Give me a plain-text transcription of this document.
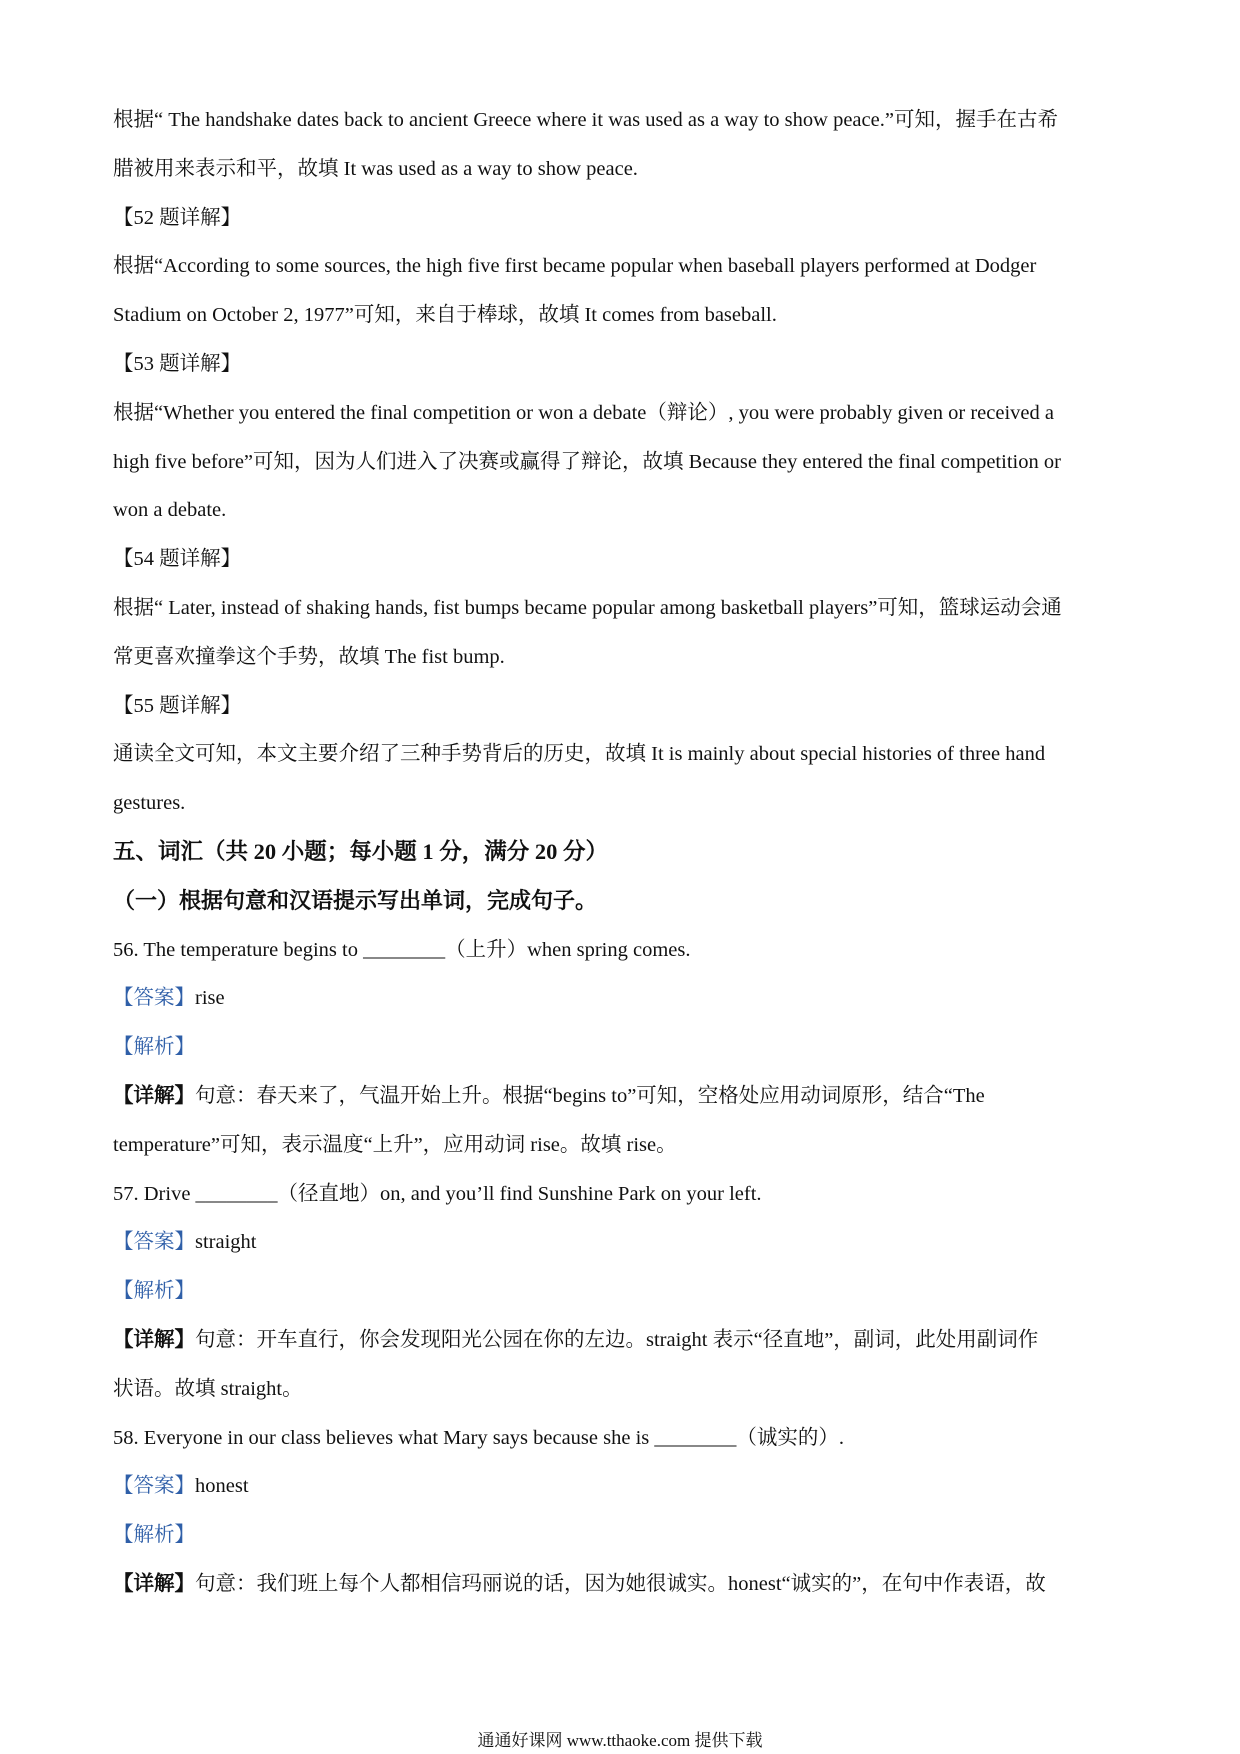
根据“ The handshake dates back to ancient Greece where it was used as a way to show peace.”可知，握手在古希
腊被用来表示和平，故填 It was used as a way to show peace.
【52 题详解】
根据“According to some sources, the high five first became popular when baseball players performed at Dodger
Stadium on October 2, 1977”可知，来自于棒球，故填 It comes from baseball.
【53 题详解】
根据“Whether you entered the final competition or won a debate（辩论）, you were probably given or received a
high five before”可知，因为人们进入了决赛或赢得了辩论，故填 Because they entered the final competition or
won a debate.
【54 题详解】
根据“ Later, instead of shaking hands, fist bumps became popular among basketball players”可知，篮球运动会通
常更喜欢撞拳这个手势，故填 The fist bump.
【55 题详解】
通读全文可知，本文主要介绍了三种手势背后的历史，故填 It is mainly about special histories of three hand
gestures.
五、词汇（共 20 小题；每小题 1 分，满分 20 分）
（一）根据句意和汉语提示写出单词，完成句子。
56. The temperature begins to ________（上升）when spring comes.
【答案】rise
【解析】
【详解】句意：春天来了，气温开始上升。根据“begins to”可知，空格处应用动词原形，结合“The
temperature”可知，表示温度“上升”，应用动词 rise。故填 rise。
57. Drive ________（径直地）on, and you’ll find Sunshine Park on your left.
【答案】straight
【解析】
【详解】句意：开车直行，你会发现阳光公园在你的左边。straight 表示“径直地”，副词，此处用副词作
状语。故填 straight。
58. Everyone in our class believes what Mary says because she is ________（诚实的）.
【答案】honest
【解析】
【详解】句意：我们班上每个人都相信玛丽说的话，因为她很诚实。honest“诚实的”，在句中作表语，故
通通好课网 www.tthaoke.com 提供下载
